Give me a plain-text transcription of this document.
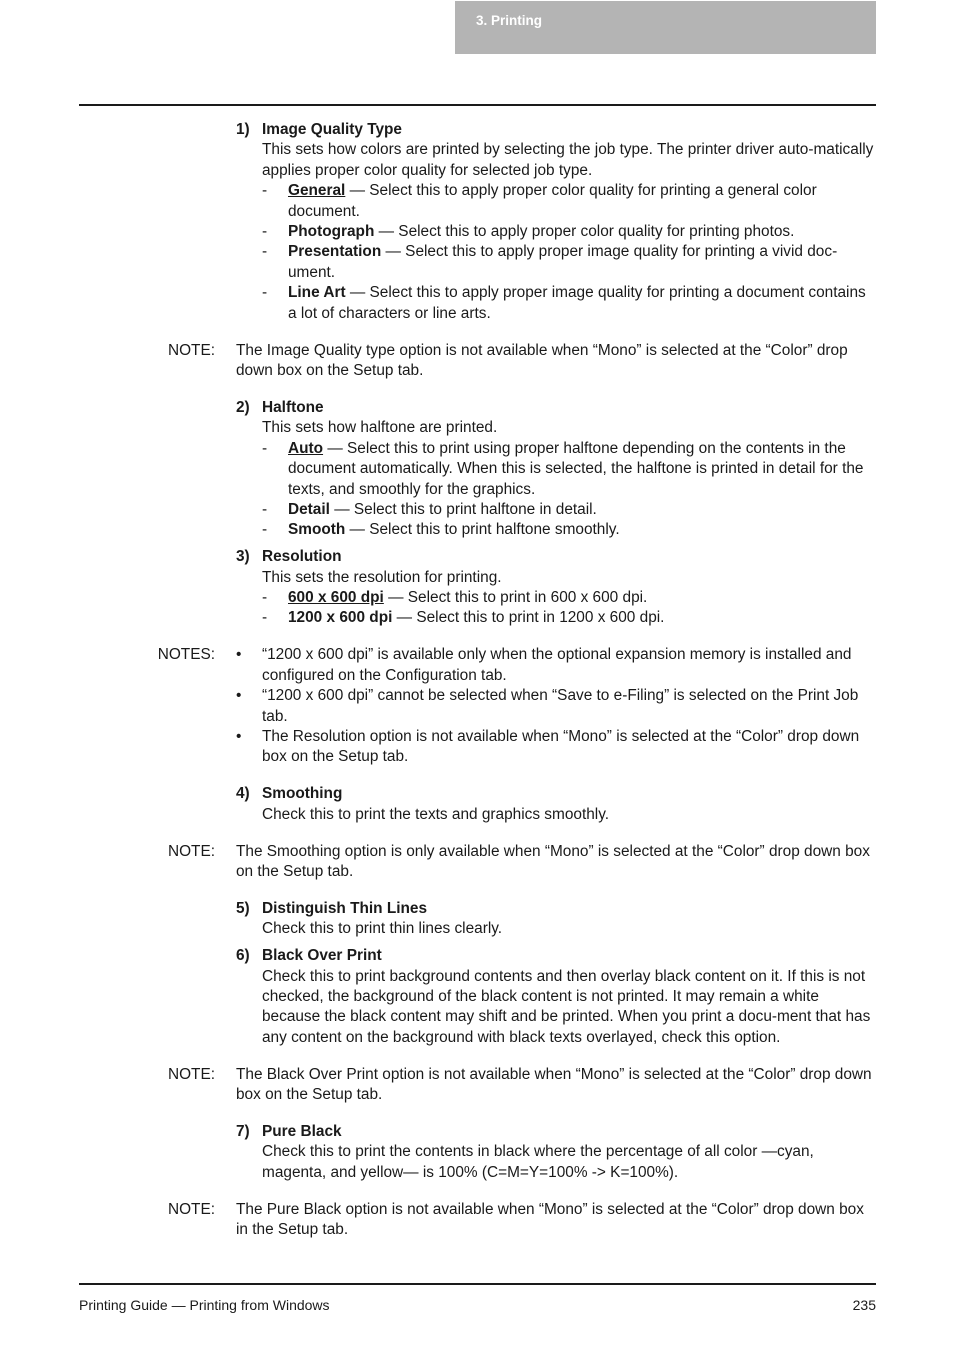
3. Printing
1) Image Quality Type
This sets how colors are printed by selecting the job type. The printer driver auto-matically applies proper color quality for selected job type.
- General — Select this to apply proper color quality for printing a general color document.
- Photograph — Select this to apply proper color quality for printing photos.
- Presentation — Select this to apply proper image quality for printing a vivid doc-ument.
- Line Art — Select this to apply proper image quality for printing a document contains a lot of characters or line arts.
NOTE: The Image Quality type option is not available when “Mono” is selected at the “Color” drop down box on the Setup tab.
2) Halftone
This sets how halftone are printed.
- Auto — Select this to print using proper halftone depending on the contents in the document automatically. When this is selected, the halftone is printed in detail for the texts, and smoothly for the graphics.
- Detail — Select this to print halftone in detail.
- Smooth — Select this to print halftone smoothly.
3) Resolution
This sets the resolution for printing.
- 600 x 600 dpi — Select this to print in 600 x 600 dpi.
- 1200 x 600 dpi — Select this to print in 1200 x 600 dpi.
NOTES: • “1200 x 600 dpi” is available only when the optional expansion memory is installed and configured on the Configuration tab.
• “1200 x 600 dpi” cannot be selected when “Save to e-Filing” is selected on the Print Job tab.
• The Resolution option is not available when “Mono” is selected at the “Color” drop down box on the Setup tab.
4) Smoothing
Check this to print the texts and graphics smoothly.
NOTE: The Smoothing option is only available when “Mono” is selected at the “Color” drop down box on the Setup tab.
5) Distinguish Thin Lines
Check this to print thin lines clearly.
6) Black Over Print
Check this to print background contents and then overlay black content on it. If this is not checked, the background of the black content is not printed. It may remain a white because the black content may shift and be printed. When you print a docu-ment that has any content on the background with black texts overlayed, check this option.
NOTE: The Black Over Print option is not available when “Mono” is selected at the “Color” drop down box on the Setup tab.
7) Pure Black
Check this to print the contents in black where the percentage of all color —cyan, magenta, and yellow— is 100% (C=M=Y=100% -> K=100%).
NOTE: The Pure Black option is not available when “Mono” is selected at the “Color” drop down box in the Setup tab.
Printing Guide — Printing from Windows	235
